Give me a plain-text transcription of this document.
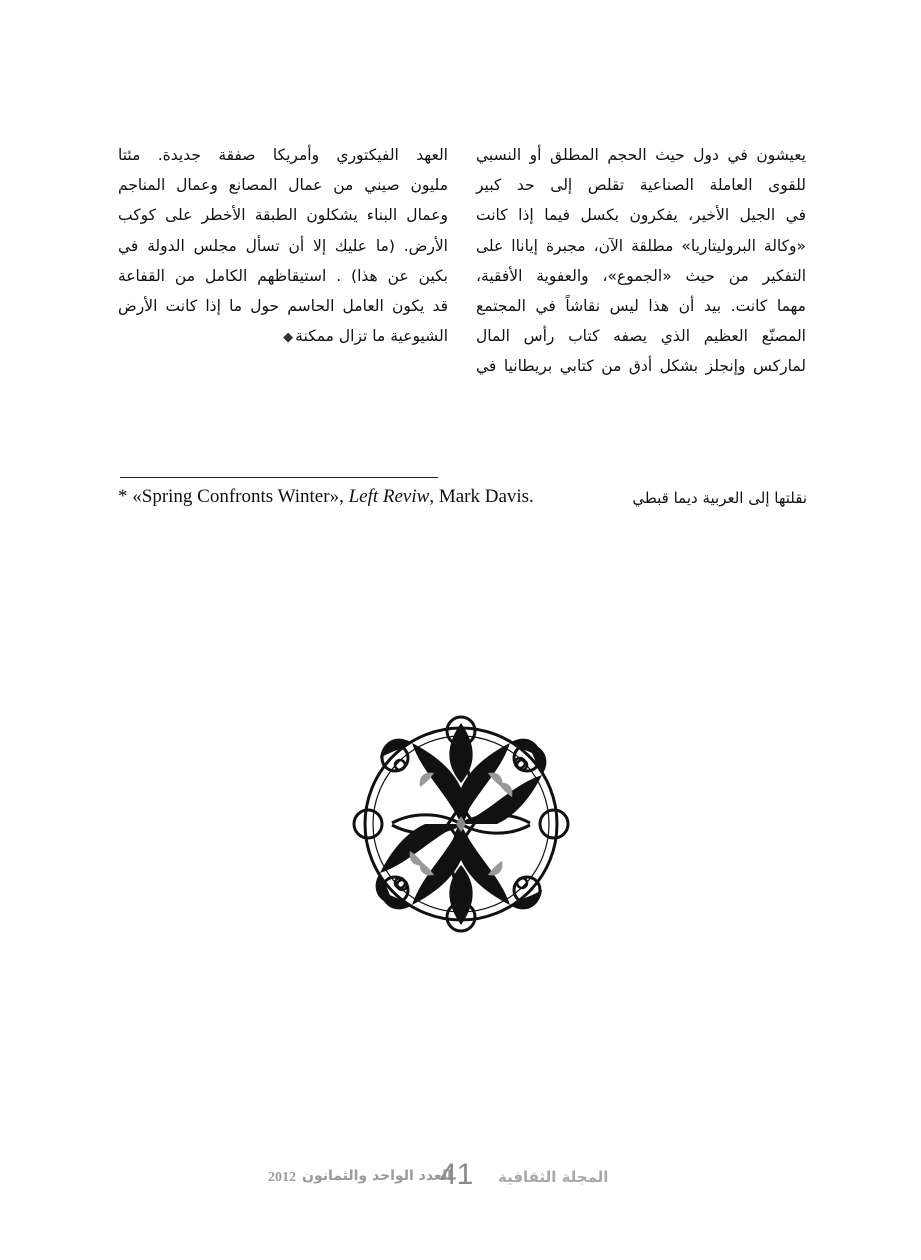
يعيشون في دول حيث الحجم المطلق أو النسبي
للقوى العاملة الصناعية تقلص إلى حد كبير
في الجيل الأخير، يفكرون بكسل فيما إذا كانت
«وكالة البروليتاريا» مطلقة الآن، مجبرة إياناا على
التفكير من حيث «الجموع»، والعفوية الأفقية،
مهما كانت. بيد أن هذا ليس نقاشاً في المجتمع
المصنّع العظيم الذي يصفه كتاب رأس المال
لماركس وإنجلز بشكل أدق من كتابي بريطانيا في
العهد الفيكتوري وأمريكا صفقة جديدة. مئتا
مليون صيني من عمال المصانع وعمال المناجم
وعمال البناء يشكلون الطبقة الأخطر على كوكب
الأرض. (ما عليك إلا أن تسأل مجلس الدولة في
بكين عن هذا) . استيقاظهم الكامل من القفاعة
قد يكون العامل الحاسم حول ما إذا كانت الأرض
الشيوعية ما تزال ممكنة◆
* «Spring Confronts Winter», Left Reviw, Mark Davis.	نقلتها إلى العربية ديما قبطي
2012 العدد الواحد والثمانون
41 المجلة الثقافية
